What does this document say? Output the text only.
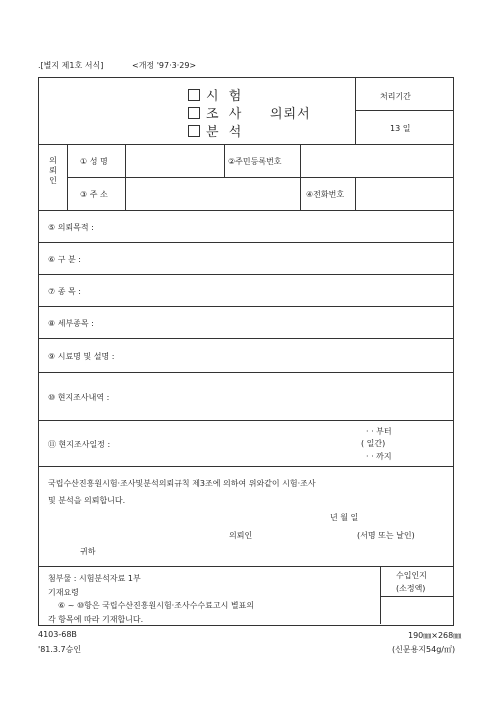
.[별지 제1호 서식]	<개정 '97·3·29>
시 험
조 사
분 석
의뢰서
처리기간
13 일
의뢰인
① 성 명	②주민등록번호
③ 주 소	④전화번호
⑤ 의뢰목적 :
⑥ 구 분 :
⑦ 종 목 :
⑧ 세부종목 :
⑨ 시료명 및 설명 :
⑩ 현지조사내역 :
⑪ 현지조사일정 :
· · 부터
( 일간)
· · 까지
국립수산진흥원시험·조사및분석의뢰규칙 제3조에 의하여 위와같이 시험·조사
및 분석을 의뢰합니다.
년 월 일
의뢰인	(서명 또는 날인)
귀하
첨부물 : 시험분석자료 1부
기재요령
⑥ ~ ⑩항은 국립수산진흥원시험·조사수수료고시 별표의
각 항목에 따라 기재합니다.
수입인지
(소정액)
4103-68B
'81.3.7승인
190㎜×268㎜
(신문용지54g/㎡)
